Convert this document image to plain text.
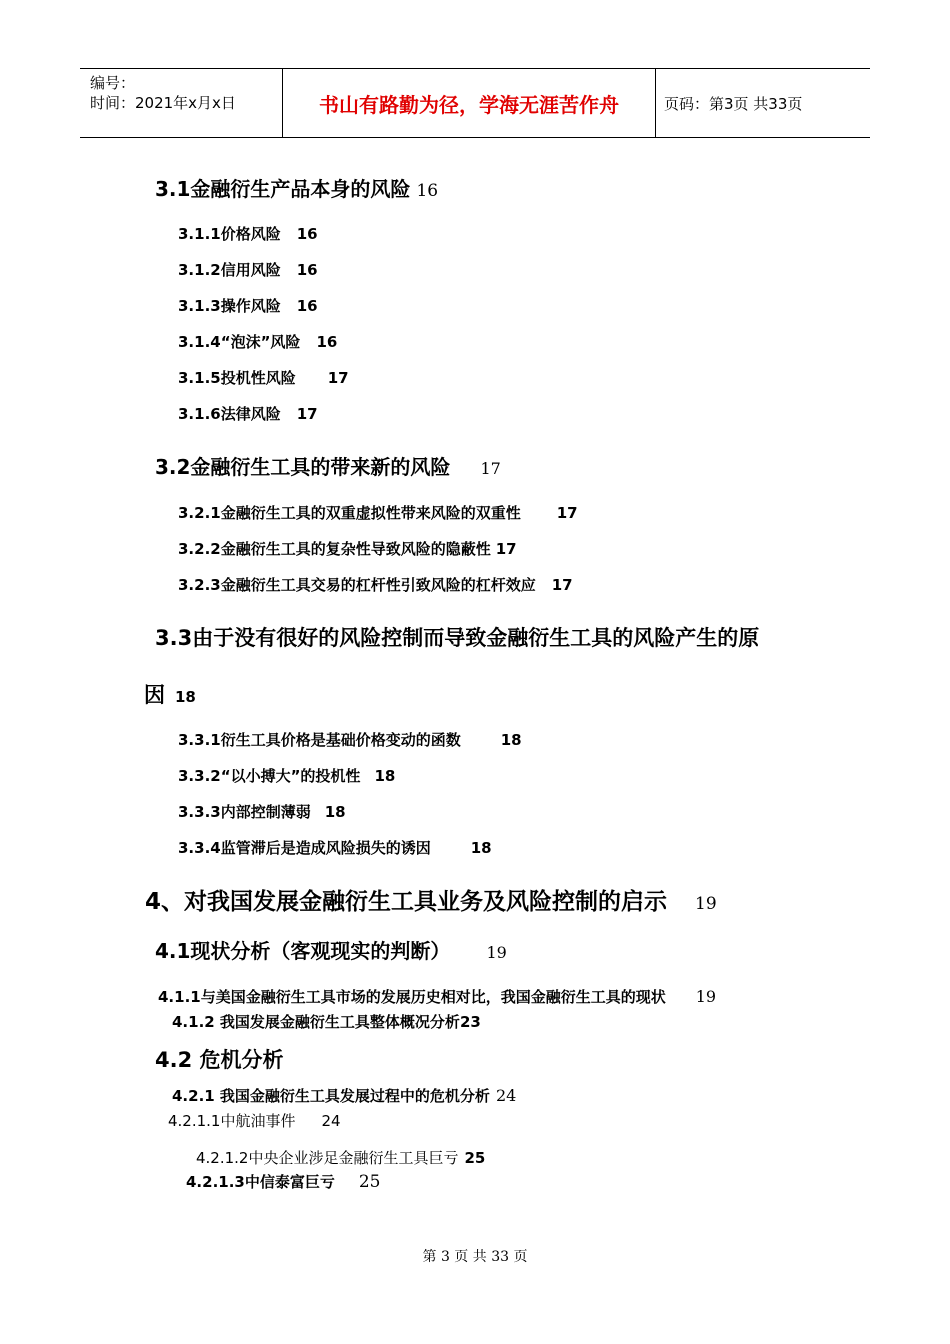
编号：
时间：2021年x月x日	书山有路勤为径，学海无涯苦作舟	页码：第3页 共33页
3.1金融衍生产品本身的风险 16
3.1.1价格风险 16
3.1.2信用风险 16
3.1.3操作风险 16
3.1.4“泡沫”风险 16
3.1.5投机性风险 17
3.1.6法律风险 17
3.2金融衍生工具的带来新的风险 17
3.2.1金融衍生工具的双重虚拟性带来风险的双重性 17
3.2.2金融衍生工具的复杂性导致风险的隐蔽性 17
3.2.3金融衍生工具交易的杠杆性引致风险的杠杆效应 17
3.3由于没有很好的风险控制而导致金融衍生工具的风险产生的原
因 18
3.3.1衍生工具价格是基础价格变动的函数	18
3.3.2“以小搏大”的投机性 18
3.3.3内部控制薄弱 18
3.3.4监管滞后是造成风险损失的诱因	18
4、对我国发展金融衍生工具业务及风险控制的启示 19
4.1现状分析（客观现实的判断） 19
4.1.1与美国金融衍生工具市场的发展历史相对比，我国金融衍生工具的现状 19
4.1.2 我国发展金融衍生工具整体概况分析23
4.2 危机分析
4.2.1 我国金融衍生工具发展过程中的危机分析 24
4.2.1.1中航油事件 24
4.2.1.2中央企业涉足金融衍生工具巨亏 25
4.2.1.3中信泰富巨亏 25
第 3 页 共 33 页
